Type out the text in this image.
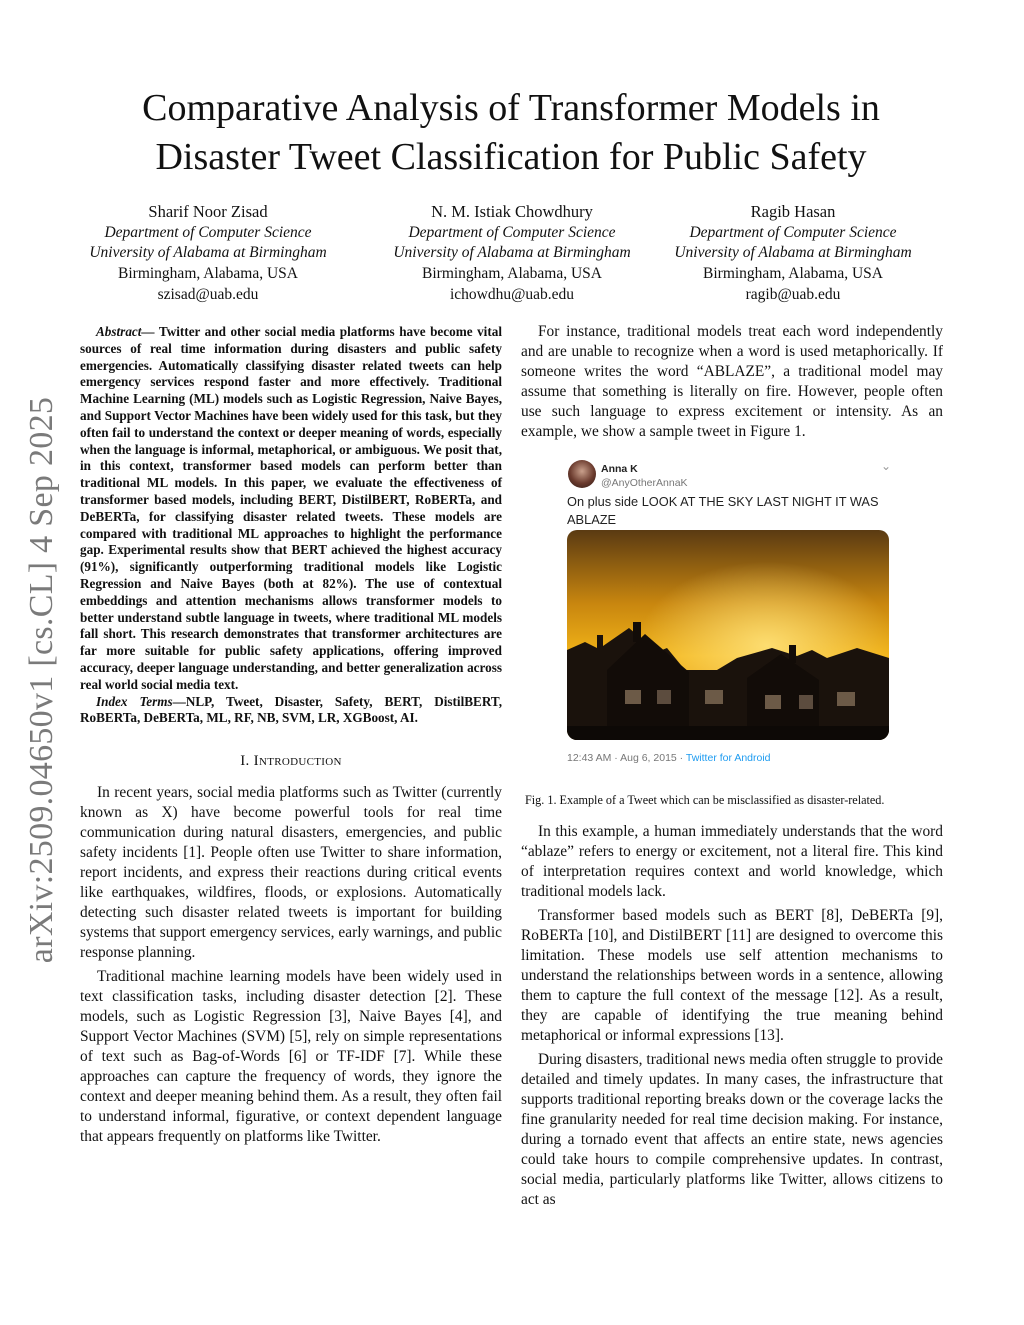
arXiv:2509.04650v1 [cs.CL] 4 Sep 2025
Comparative Analysis of Transformer Models in
Disaster Tweet Classification for Public Safety
Sharif Noor Zisad
Department of Computer Science
University of Alabama at Birmingham
Birmingham, Alabama, USA
szisad@uab.edu
N. M. Istiak Chowdhury
Department of Computer Science
University of Alabama at Birmingham
Birmingham, Alabama, USA
ichowdhu@uab.edu
Ragib Hasan
Department of Computer Science
University of Alabama at Birmingham
Birmingham, Alabama, USA
ragib@uab.edu

Abstract— Twitter and other social media platforms have become vital sources of real time information during disasters and public safety emergencies. Automatically classifying disaster related tweets can help emergency services respond faster and more effectively. Traditional Machine Learning (ML) models such as Logistic Regression, Naive Bayes, and Support Vector Machines have been widely used for this task, but they often fail to understand the context or deeper meaning of words, especially when the language is informal, metaphorical, or ambiguous. We posit that, in this context, transformer based models can perform better than traditional ML models. In this paper, we evaluate the effectiveness of transformer based models, including BERT, DistilBERT, RoBERTa, and DeBERTa, for classifying disaster related tweets. These models are compared with traditional ML approaches to highlight the performance gap. Experimental results show that BERT achieved the highest accuracy (91%), significantly outperforming traditional models like Logistic Regression and Naive Bayes (both at 82%). The use of contextual embeddings and attention mechanisms allows transformer models to better understand subtle language in tweets, where traditional ML models fall short. This research demonstrates that transformer architectures are far more suitable for public safety applications, offering improved accuracy, deeper language understanding, and better generalization across real world social media text.

Index Terms—NLP, Tweet, Disaster, Safety, BERT, DistilBERT, RoBERTa, DeBERTa, ML, RF, NB, SVM, LR, XGBoost, AI.

I. Introduction

In recent years, social media platforms such as Twitter (currently known as X) have become powerful tools for real time communication during natural disasters, emergencies, and public safety incidents [1]. People often use Twitter to share information, report incidents, and express their reactions during critical events like earthquakes, wildfires, floods, or explosions. Automatically detecting such disaster related tweets is important for building systems that support emergency services, early warnings, and public response planning.

Traditional machine learning models have been widely used in text classification tasks, including disaster detection [2]. These models, such as Logistic Regression [3], Naive Bayes [4], and Support Vector Machines (SVM) [5], rely on simple representations of text such as Bag-of-Words [6] or TF-IDF [7]. While these approaches can capture the frequency of words, they ignore the context and deeper meaning behind them. As a result, they often fail to understand informal, figurative, or context dependent language that appears frequently on platforms like Twitter.

For instance, traditional models treat each word independently and are unable to recognize when a word is used metaphorically. If someone writes the word “ABLAZE”, a traditional model may assume that something is literally on fire. However, people often use such language to express excitement or intensity. As an example, we show a sample tweet in Figure 1.

Anna K
@AnyOtherAnnaK
⌄
On plus side LOOK AT THE SKY LAST NIGHT IT WAS ABLAZE
12:43 AM · Aug 6, 2015 · Twitter for Android
Fig. 1. Example of a Tweet which can be misclassified as disaster-related.

In this example, a human immediately understands that the word “ablaze” refers to energy or excitement, not a literal fire. This kind of interpretation requires context and world knowledge, which traditional models lack.

Transformer based models such as BERT [8], DeBERTa [9], RoBERTa [10], and DistilBERT [11] are designed to overcome this limitation. These models use self attention mechanisms to understand the relationships between words in a sentence, allowing them to capture the full context of the message [12]. As a result, they are capable of identifying the true meaning behind metaphorical or informal expressions [13].

During disasters, traditional news media often struggle to provide detailed and timely updates. In many cases, the infrastructure that supports traditional reporting breaks down or the coverage lacks the fine granularity needed for real time decision making. For instance, during a tornado event that affects an entire state, news agencies could take hours to compile comprehensive updates. In contrast, social media, particularly platforms like Twitter, allows citizens to act as
